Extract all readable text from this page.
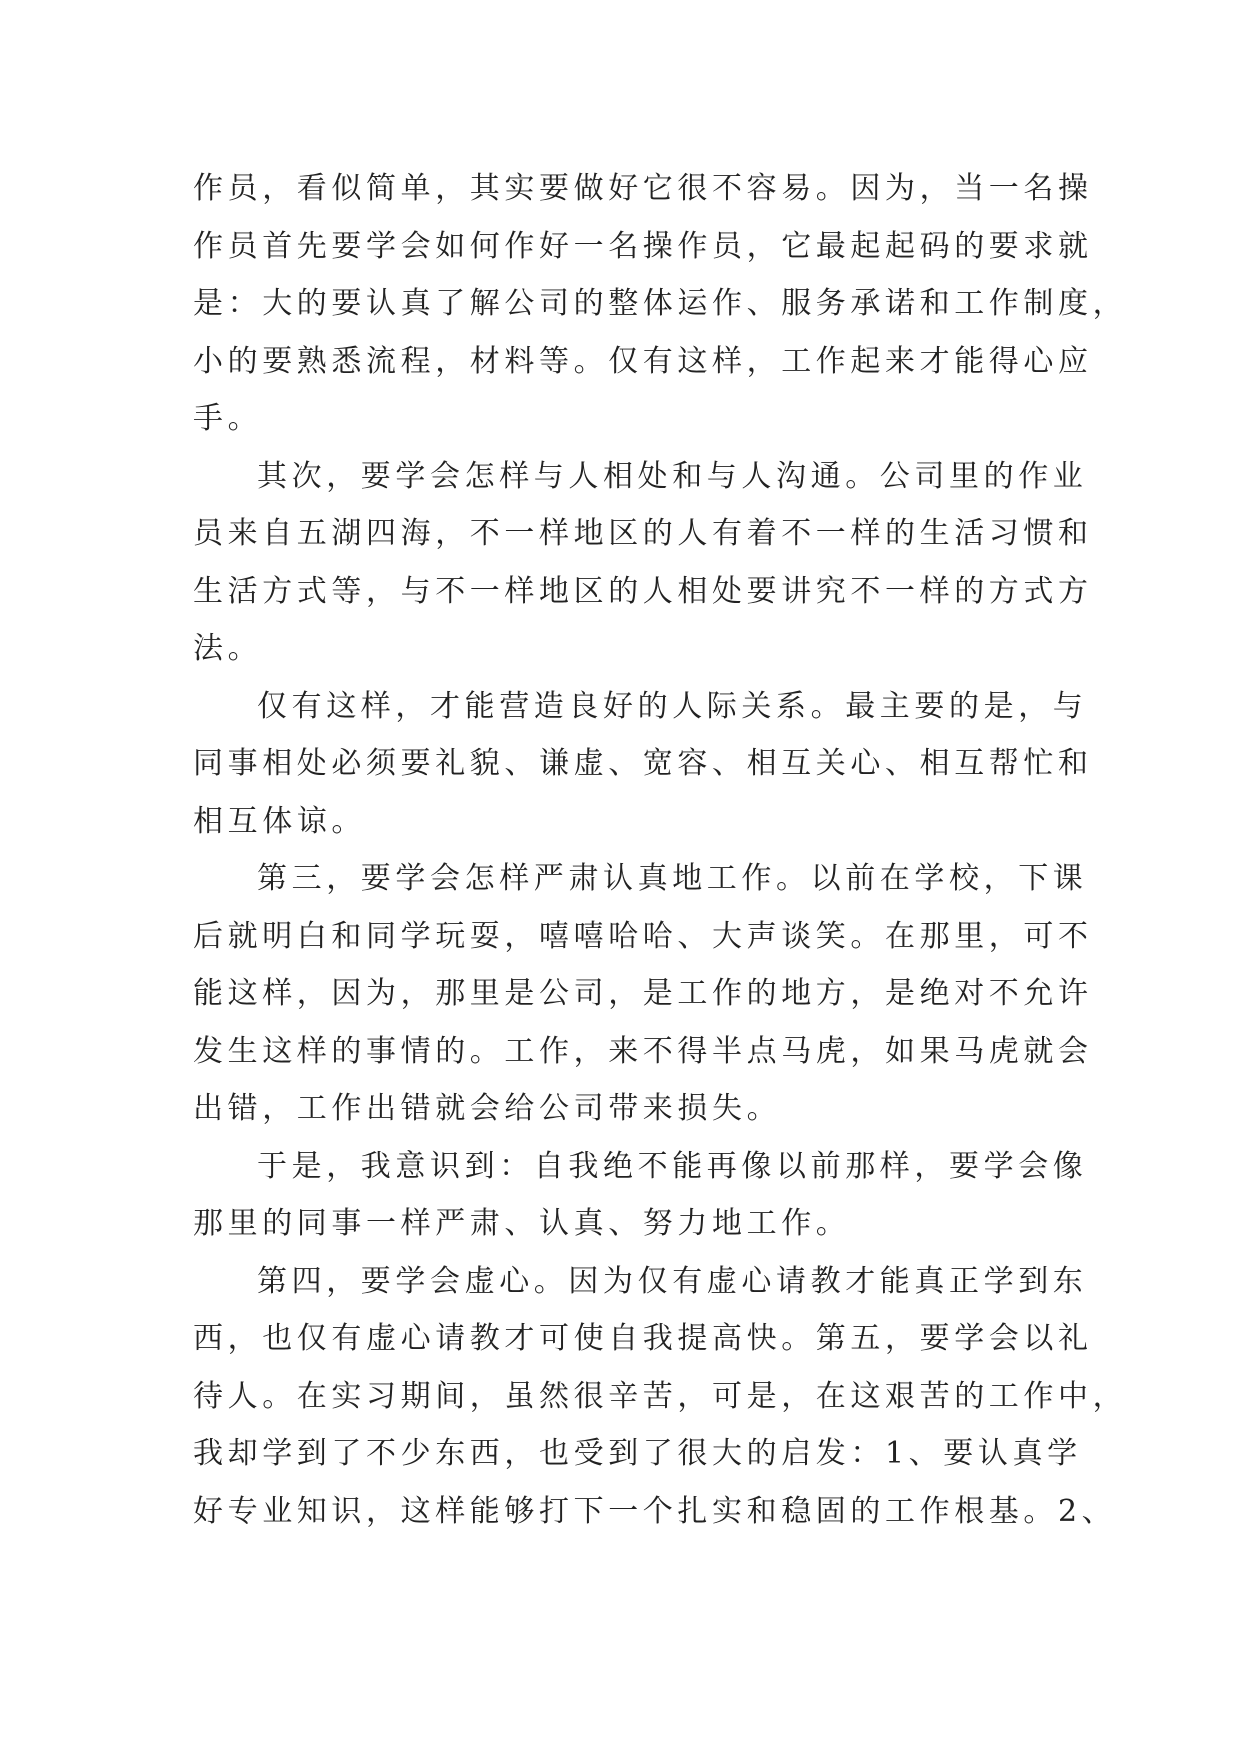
作员，看似简单，其实要做好它很不容易。因为，当一名操
作员首先要学会如何作好一名操作员，它最起起码的要求就
是：大的要认真了解公司的整体运作、服务承诺和工作制度，
小的要熟悉流程，材料等。仅有这样，工作起来才能得心应
手。
其次，要学会怎样与人相处和与人沟通。公司里的作业
员来自五湖四海，不一样地区的人有着不一样的生活习惯和
生活方式等，与不一样地区的人相处要讲究不一样的方式方
法。
仅有这样，才能营造良好的人际关系。最主要的是，与
同事相处必须要礼貌、谦虚、宽容、相互关心、相互帮忙和
相互体谅。
第三，要学会怎样严肃认真地工作。以前在学校，下课
后就明白和同学玩耍，嘻嘻哈哈、大声谈笑。在那里，可不
能这样，因为，那里是公司，是工作的地方，是绝对不允许
发生这样的事情的。工作，来不得半点马虎，如果马虎就会
出错，工作出错就会给公司带来损失。
于是，我意识到：自我绝不能再像以前那样，要学会像
那里的同事一样严肃、认真、努力地工作。
第四，要学会虚心。因为仅有虚心请教才能真正学到东
西，也仅有虚心请教才可使自我提高快。第五，要学会以礼
待人。在实习期间，虽然很辛苦，可是，在这艰苦的工作中，
我却学到了不少东西，也受到了很大的启发：1、要认真学
好专业知识，这样能够打下一个扎实和稳固的工作根基。2、
